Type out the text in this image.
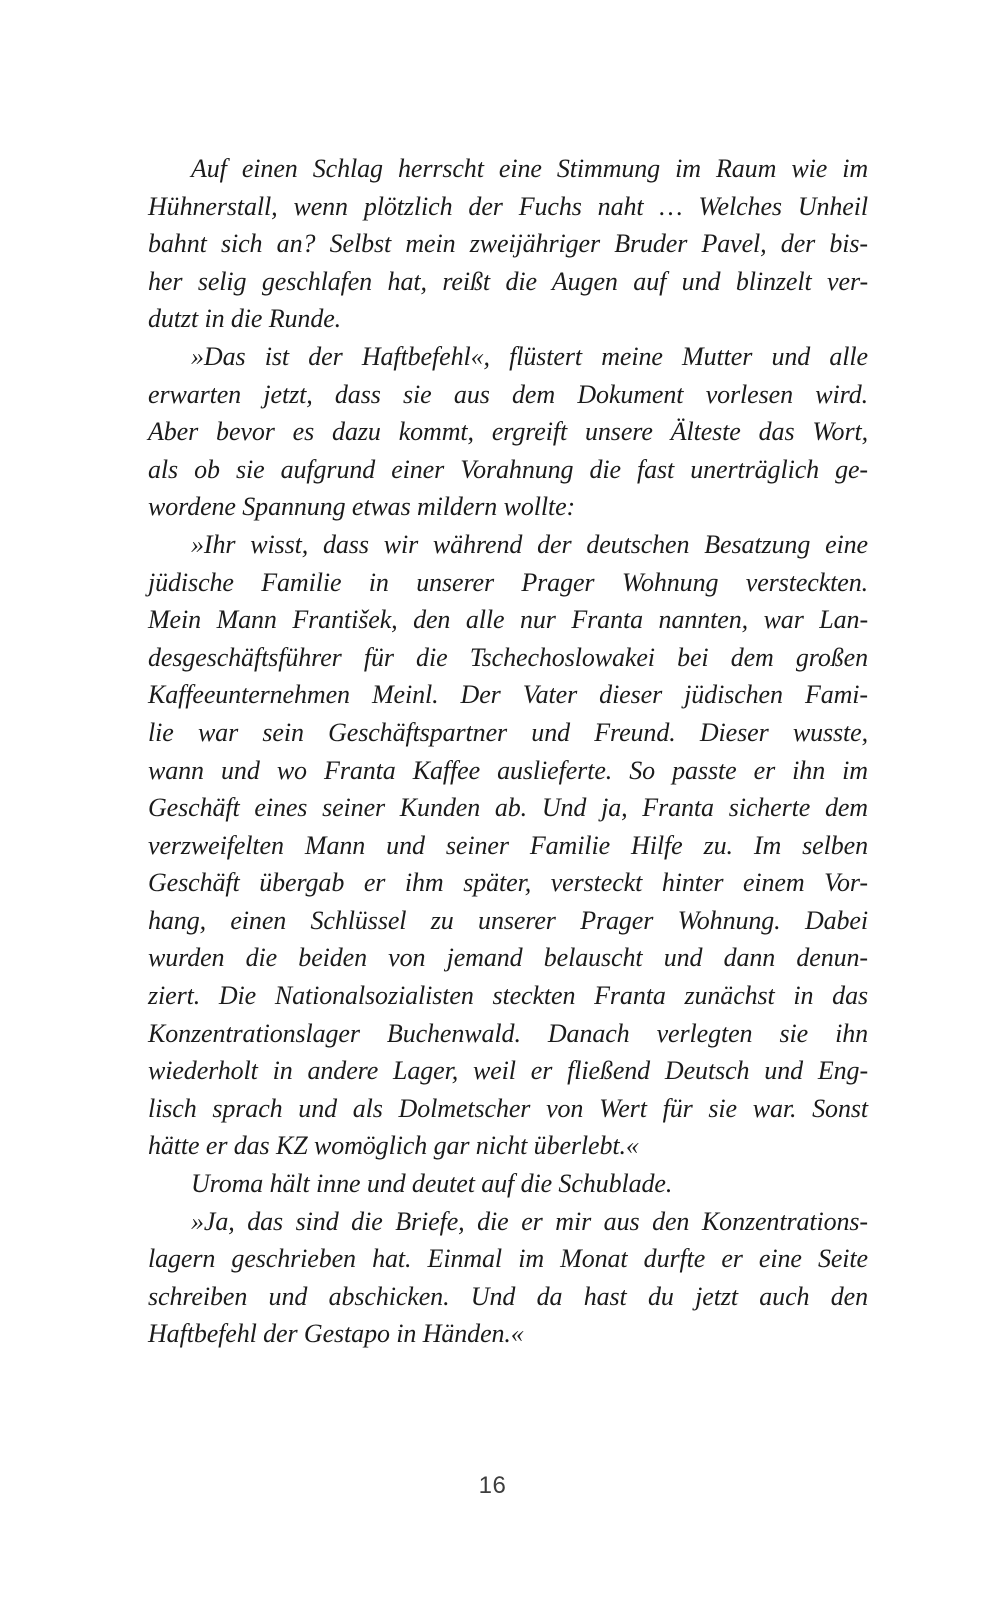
Auf einen Schlag herrscht eine Stimmung im Raum wie im
Hühnerstall, wenn plötzlich der Fuchs naht … Welches Unheil
bahnt sich an? Selbst mein zweijähriger Bruder Pavel, der bis-
her selig geschlafen hat, reißt die Augen auf und blinzelt ver-
dutzt in die Runde.
»Das ist der Haftbefehl«, flüstert meine Mutter und alle
erwarten jetzt, dass sie aus dem Dokument vorlesen wird.
Aber bevor es dazu kommt, ergreift unsere Älteste das Wort,
als ob sie aufgrund einer Vorahnung die fast unerträglich ge-
wordene Spannung etwas mildern wollte:
»Ihr wisst, dass wir während der deutschen Besatzung eine
jüdische Familie in unserer Prager Wohnung versteckten.
Mein Mann František, den alle nur Franta nannten, war Lan-
desgeschäftsführer für die Tschechoslowakei bei dem großen
Kaffeeunternehmen Meinl. Der Vater dieser jüdischen Fami-
lie war sein Geschäftspartner und Freund. Dieser wusste,
wann und wo Franta Kaffee auslieferte. So passte er ihn im
Geschäft eines seiner Kunden ab. Und ja, Franta sicherte dem
verzweifelten Mann und seiner Familie Hilfe zu. Im selben
Geschäft übergab er ihm später, versteckt hinter einem Vor-
hang, einen Schlüssel zu unserer Prager Wohnung. Dabei
wurden die beiden von jemand belauscht und dann denun-
ziert. Die Nationalsozialisten steckten Franta zunächst in das
Konzentrationslager Buchenwald. Danach verlegten sie ihn
wiederholt in andere Lager, weil er fließend Deutsch und Eng-
lisch sprach und als Dolmetscher von Wert für sie war. Sonst
hätte er das KZ womöglich gar nicht überlebt.«
Uroma hält inne und deutet auf die Schublade.
»Ja, das sind die Briefe, die er mir aus den Konzentrations-
lagern geschrieben hat. Einmal im Monat durfte er eine Seite
schreiben und abschicken. Und da hast du jetzt auch den
Haftbefehl der Gestapo in Händen.«
16
